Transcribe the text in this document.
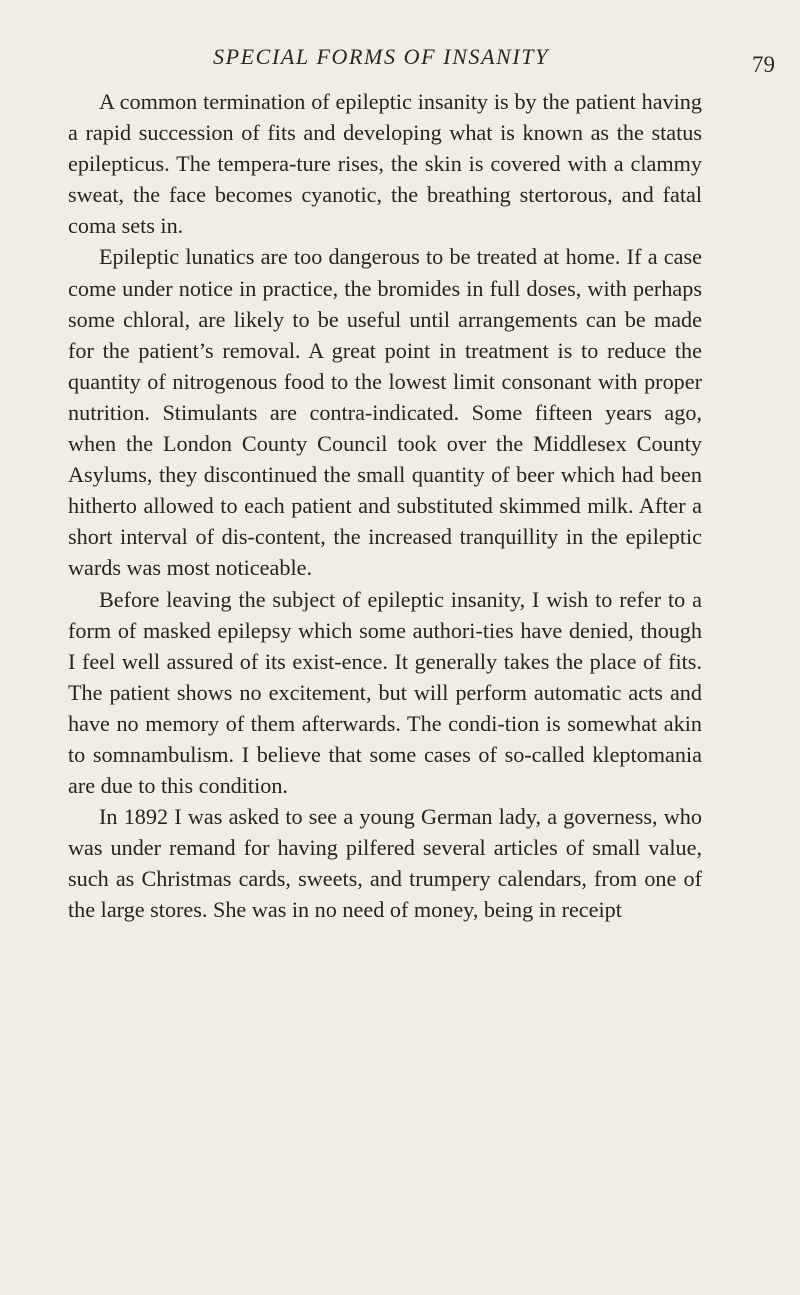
SPECIAL FORMS OF INSANITY	79

A common termination of epileptic insanity is by the patient having a rapid succession of fits and developing what is known as the status epilepticus. The tempera-ture rises, the skin is covered with a clammy sweat, the face becomes cyanotic, the breathing stertorous, and fatal coma sets in.

Epileptic lunatics are too dangerous to be treated at home. If a case come under notice in practice, the bromides in full doses, with perhaps some chloral, are likely to be useful until arrangements can be made for the patient’s removal. A great point in treatment is to reduce the quantity of nitrogenous food to the lowest limit consonant with proper nutrition. Stimulants are contra-indicated. Some fifteen years ago, when the London County Council took over the Middlesex County Asylums, they discontinued the small quantity of beer which had been hitherto allowed to each patient and substituted skimmed milk. After a short interval of dis-content, the increased tranquillity in the epileptic wards was most noticeable.

Before leaving the subject of epileptic insanity, I wish to refer to a form of masked epilepsy which some authori-ties have denied, though I feel well assured of its exist-ence. It generally takes the place of fits. The patient shows no excitement, but will perform automatic acts and have no memory of them afterwards. The condi-tion is somewhat akin to somnambulism. I believe that some cases of so-called kleptomania are due to this condition.

In 1892 I was asked to see a young German lady, a governess, who was under remand for having pilfered several articles of small value, such as Christmas cards, sweets, and trumpery calendars, from one of the large stores. She was in no need of money, being in receipt
